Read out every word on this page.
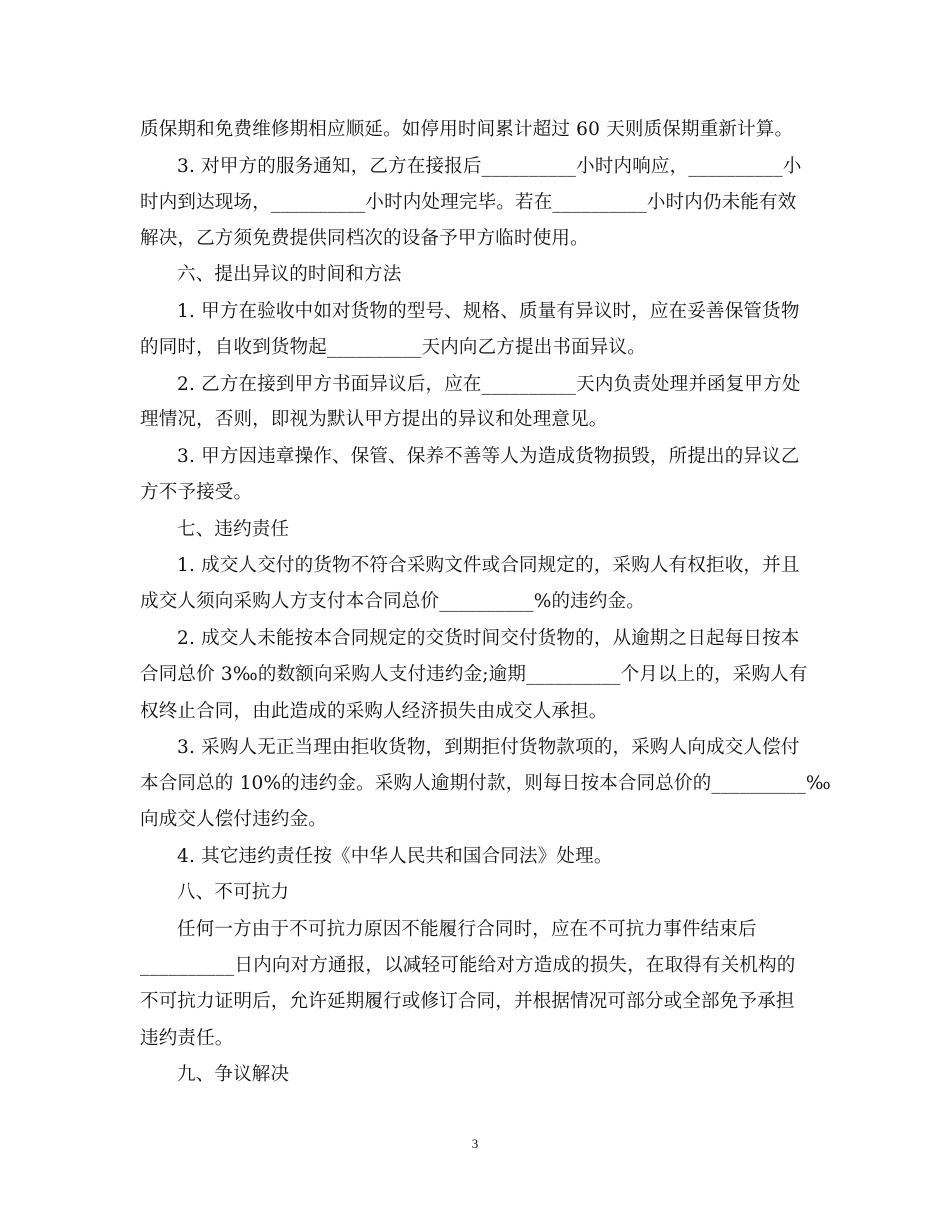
质保期和免费维修期相应顺延。如停用时间累计超过 60 天则质保期重新计算。
3. 对甲方的服务通知，乙方在接报后__________小时内响应，__________小
时内到达现场，__________小时内处理完毕。若在__________小时内仍未能有效
解决，乙方须免费提供同档次的设备予甲方临时使用。
六、提出异议的时间和方法
1. 甲方在验收中如对货物的型号、规格、质量有异议时，应在妥善保管货物
的同时，自收到货物起__________天内向乙方提出书面异议。
2. 乙方在接到甲方书面异议后，应在__________天内负责处理并函复甲方处
理情况，否则，即视为默认甲方提出的异议和处理意见。
3. 甲方因违章操作、保管、保养不善等人为造成货物损毁，所提出的异议乙
方不予接受。
七、违约责任
1. 成交人交付的货物不符合采购文件或合同规定的，采购人有权拒收，并且
成交人须向采购人方支付本合同总价__________%的违约金。
2. 成交人未能按本合同规定的交货时间交付货物的，从逾期之日起每日按本
合同总价 3‰的数额向采购人支付违约金;逾期__________个月以上的，采购人有
权终止合同，由此造成的采购人经济损失由成交人承担。
3. 采购人无正当理由拒收货物，到期拒付货物款项的，采购人向成交人偿付
本合同总的 10%的违约金。采购人逾期付款，则每日按本合同总价的__________‰
向成交人偿付违约金。
4. 其它违约责任按《中华人民共和国合同法》处理。
八、不可抗力
任何一方由于不可抗力原因不能履行合同时，应在不可抗力事件结束后
__________日内向对方通报，以减轻可能给对方造成的损失，在取得有关机构的
不可抗力证明后，允许延期履行或修订合同，并根据情况可部分或全部免予承担
违约责任。
九、争议解决
3
